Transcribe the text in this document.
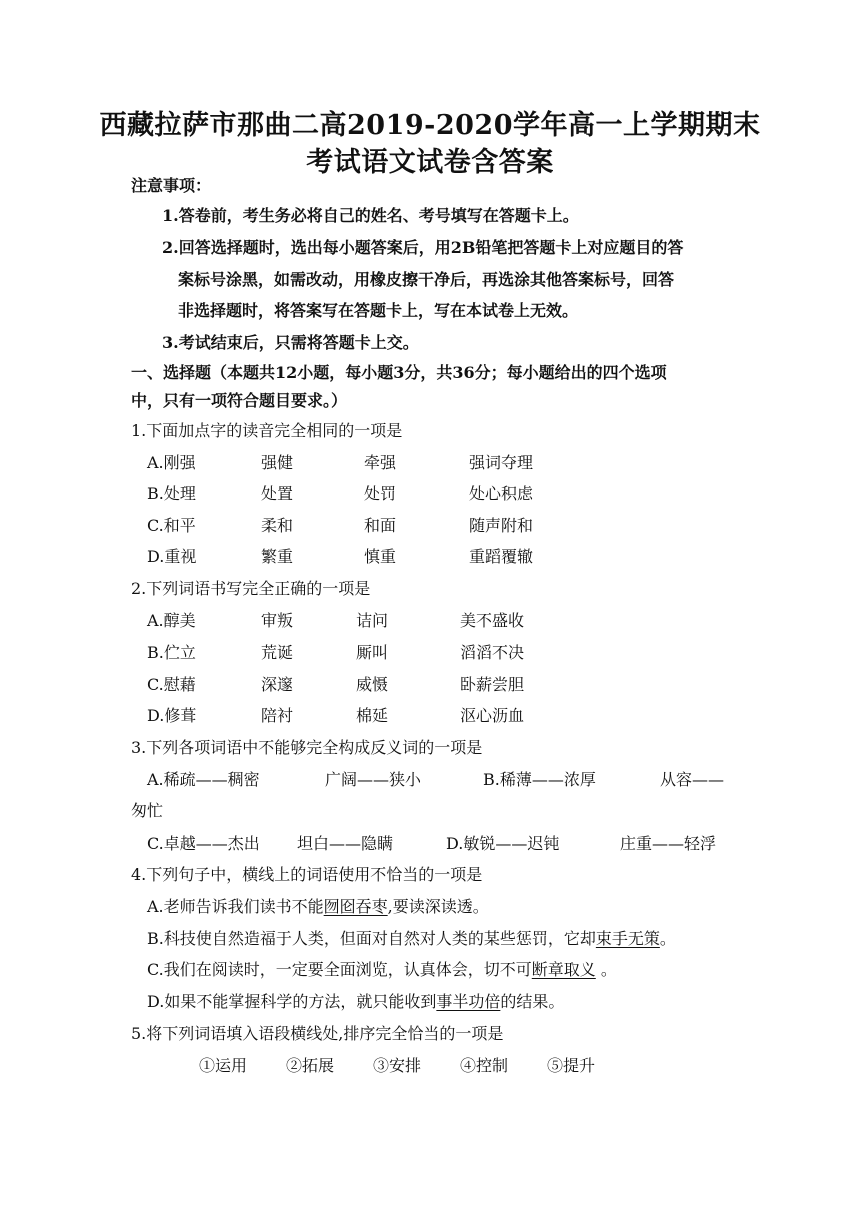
西藏拉萨市那曲二高2019-2020学年高一上学期期末
考试语文试卷含答案
注意事项：
1.答卷前，考生务必将自己的姓名、考号填写在答题卡上。
2.回答选择题时，选出每小题答案后，用2B铅笔把答题卡上对应题目的答
案标号涂黑，如需改动，用橡皮擦干净后，再选涂其他答案标号，回答
非选择题时，将答案写在答题卡上，写在本试卷上无效。
3.考试结束后，只需将答题卡上交。
一、选择题（本题共12小题，每小题3分，共36分；每小题给出的四个选项
中，只有一项符合题目要求。）
1.下面加点字的读音完全相同的一项是
A.刚强	强健	牵强	强词夺理
B.处理	处置	处罚	处心积虑
C.和平	柔和	和面	随声附和
D.重视	繁重	慎重	重蹈覆辙
2.下列词语书写完全正确的一项是
A.醇美	审叛	诘问	美不盛收
B.伫立	荒诞	厮叫	滔滔不决
C.慰藉	深邃	威慑	卧薪尝胆
D.修葺	陪衬	棉延	沤心沥血
3.下列各项词语中不能够完全构成反义词的一项是
A.稀疏——稠密	广阔——狭小	B.稀薄——浓厚	从容——
匆忙
C.卓越——杰出 坦白——隐瞒	D.敏锐——迟钝	庄重——轻浮
4.下列句子中，横线上的词语使用不恰当的一项是
A.老师告诉我们读书不能囫囵吞枣,要读深读透。
B.科技使自然造福于人类，但面对自然对人类的某些惩罚，它却束手无策。
C.我们在阅读时，一定要全面浏览，认真体会，切不可断章取义 。
D.如果不能掌握科学的方法，就只能收到事半功倍的结果。
5.将下列词语填入语段横线处,排序完全恰当的一项是
①运用 ②拓展 ③安排 ④控制 ⑤提升
